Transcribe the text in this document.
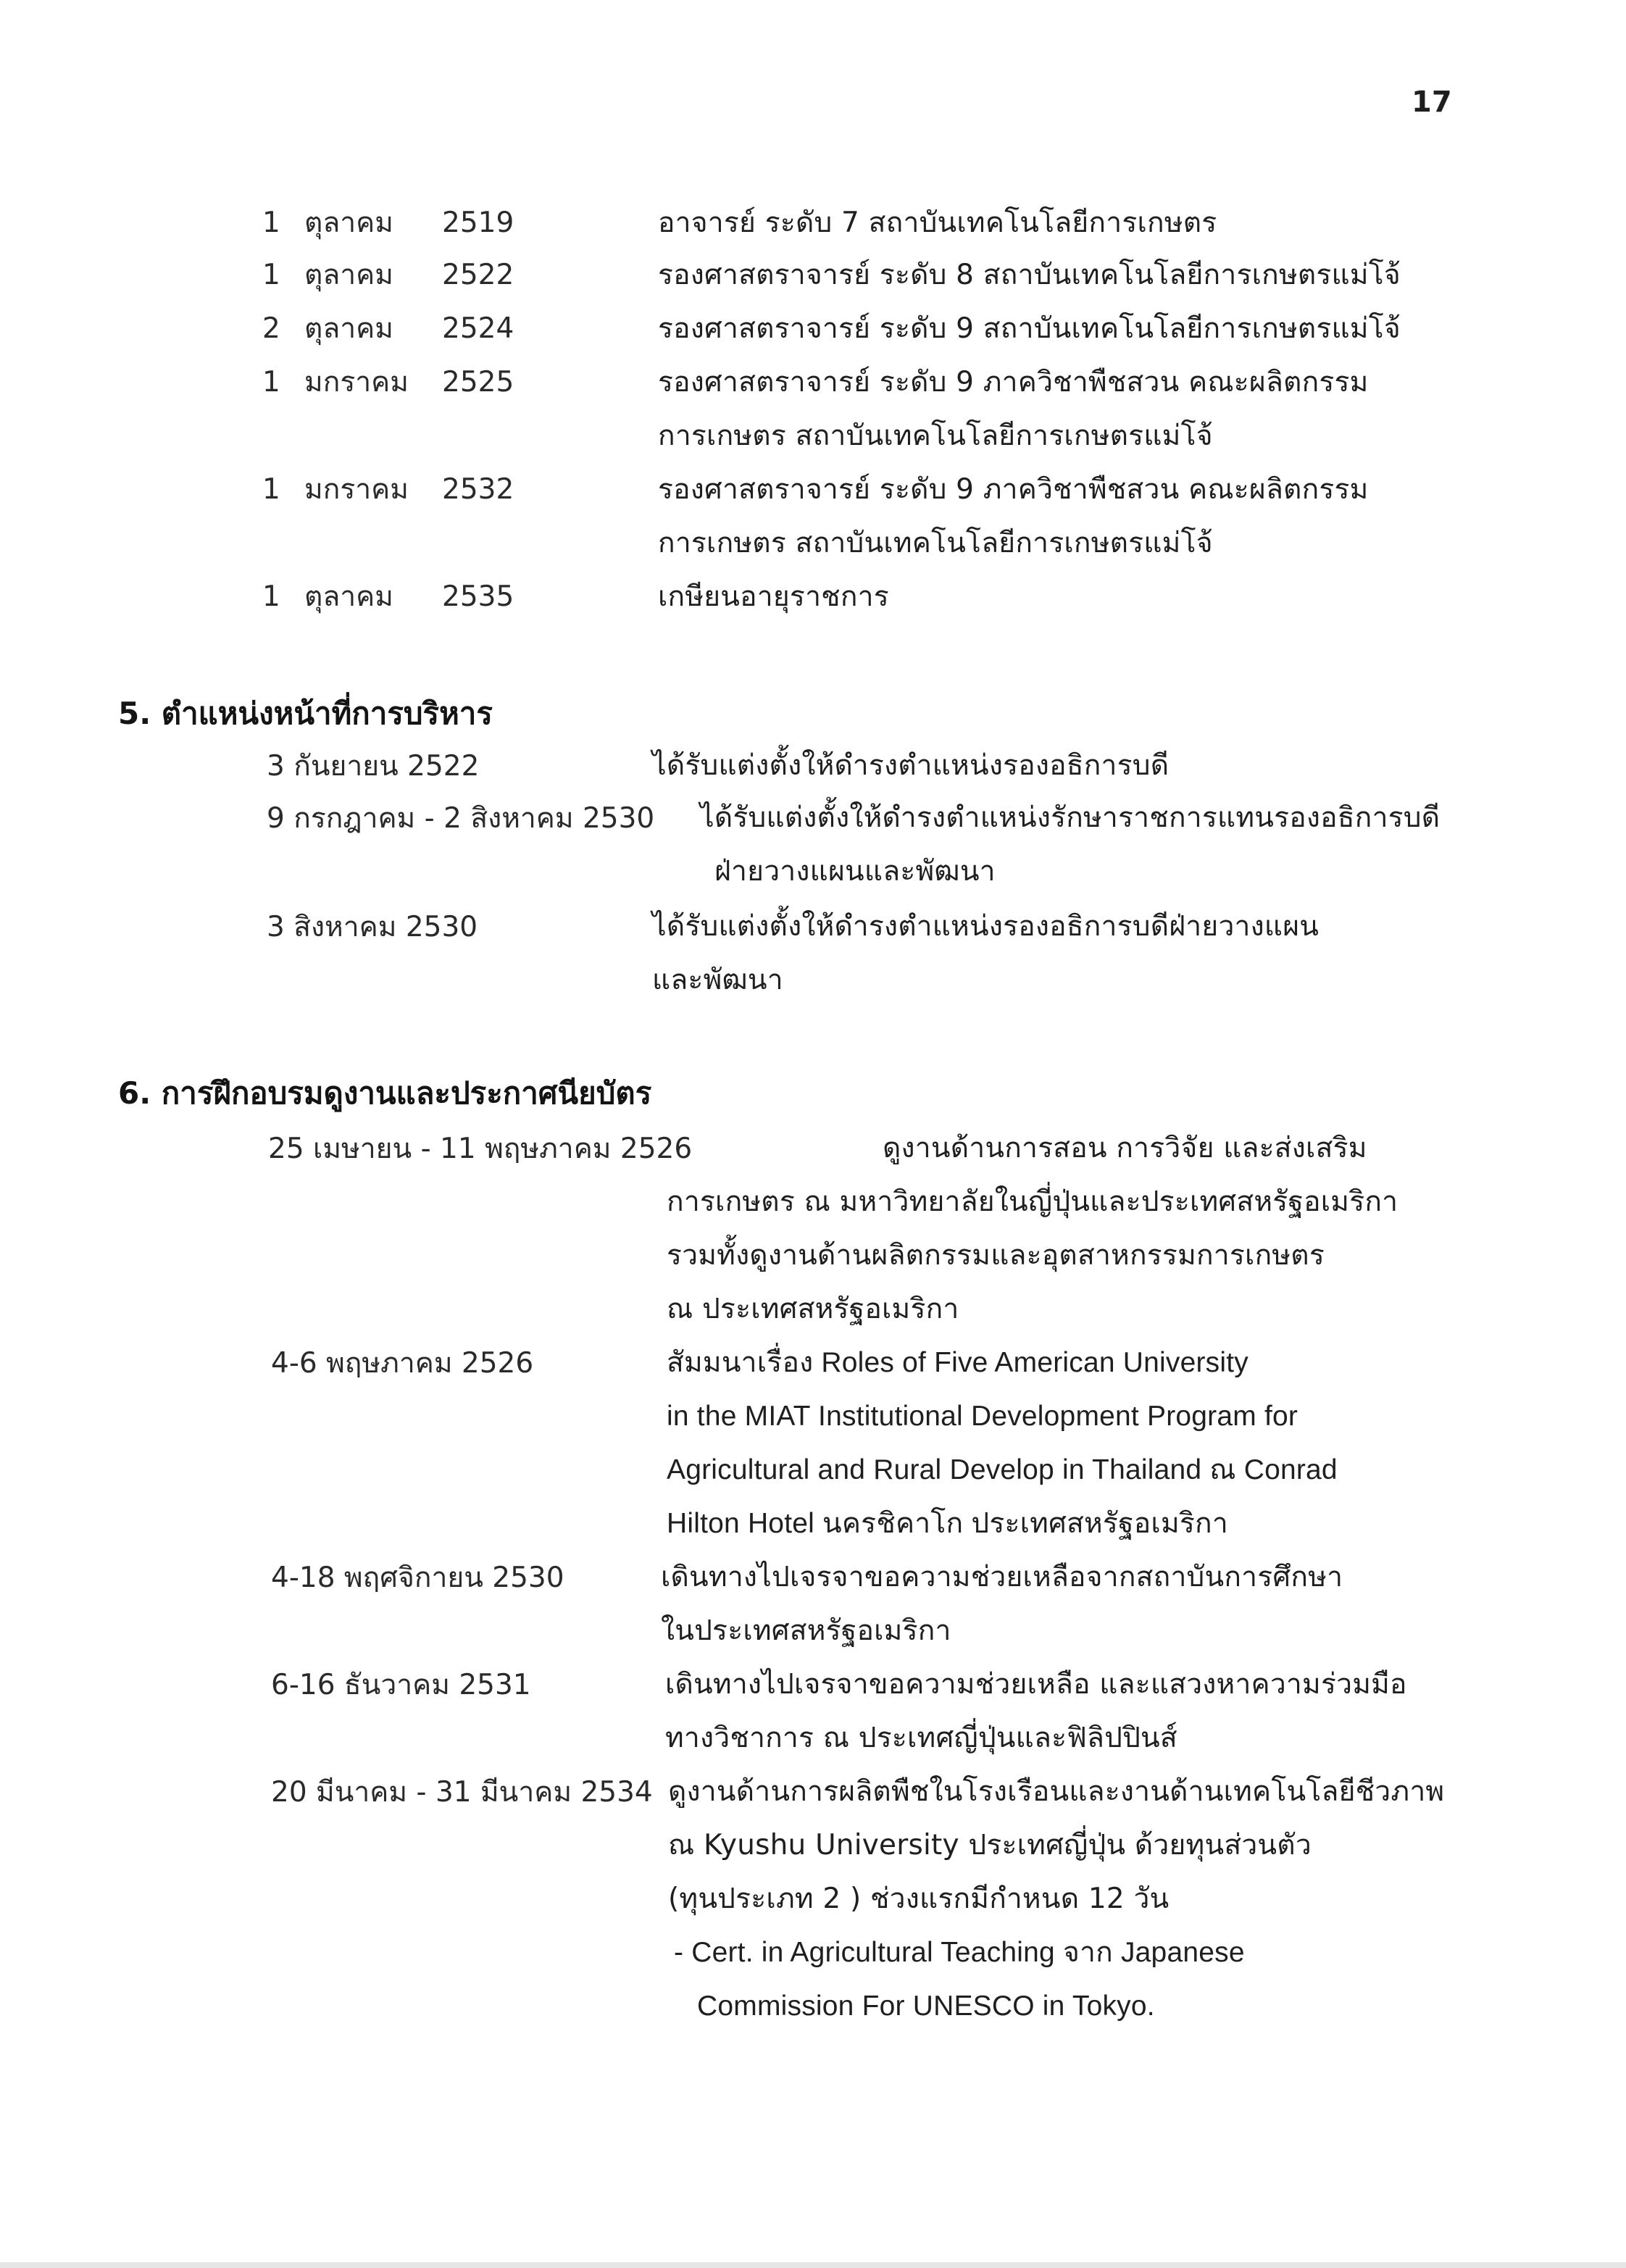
17
1 ตุลาคม 2519	อาจารย์ ระดับ 7 สถาบันเทคโนโลยีการเกษตร
1 ตุลาคม 2522	รองศาสตราจารย์ ระดับ 8 สถาบันเทคโนโลยีการเกษตรแม่โจ้
2 ตุลาคม 2524	รองศาสตราจารย์ ระดับ 9 สถาบันเทคโนโลยีการเกษตรแม่โจ้
1 มกราคม 2525	รองศาสตราจารย์ ระดับ 9 ภาควิชาพืชสวน คณะผลิตกรรม
การเกษตร สถาบันเทคโนโลยีการเกษตรแม่โจ้
1 มกราคม 2532	รองศาสตราจารย์ ระดับ 9 ภาควิชาพืชสวน คณะผลิตกรรม
การเกษตร สถาบันเทคโนโลยีการเกษตรแม่โจ้
1 ตุลาคม 2535	เกษียนอายุราชการ
5. ตำแหน่งหน้าที่การบริหาร
3 กันยายน 2522	ได้รับแต่งตั้งให้ดำรงตำแหน่งรองอธิการบดี
9 กรกฎาคม - 2 สิงหาคม 2530 ได้รับแต่งตั้งให้ดำรงตำแหน่งรักษาราชการแทนรองอธิการบดี
ฝ่ายวางแผนและพัฒนา
3 สิงหาคม 2530	ได้รับแต่งตั้งให้ดำรงตำแหน่งรองอธิการบดีฝ่ายวางแผน
และพัฒนา
6. การฝึกอบรมดูงานและประกาศนียบัตร
25 เมษายน - 11 พฤษภาคม 2526	ดูงานด้านการสอน การวิจัย และส่งเสริม
การเกษตร ณ มหาวิทยาลัยในญี่ปุ่นและประเทศสหรัฐอเมริกา
รวมทั้งดูงานด้านผลิตกรรมและอุตสาหกรรมการเกษตร
ณ ประเทศสหรัฐอเมริกา
4-6 พฤษภาคม 2526	สัมมนาเรื่อง Roles of Five American University
in the MIAT Institutional Development Program for
Agricultural and Rural Develop in Thailand ณ Conrad
Hilton Hotel นครชิคาโก ประเทศสหรัฐอเมริกา
4-18 พฤศจิกายน 2530	เดินทางไปเจรจาขอความช่วยเหลือจากสถาบันการศึกษา
ในประเทศสหรัฐอเมริกา
6-16 ธันวาคม 2531	เดินทางไปเจรจาขอความช่วยเหลือ และแสวงหาความร่วมมือ
ทางวิชาการ ณ ประเทศญี่ปุ่นและฟิลิปปินส์
20 มีนาคม - 31 มีนาคม 2534 ดูงานด้านการผลิตพืชในโรงเรือนและงานด้านเทคโนโลยีชีวภาพ
ณ Kyushu University ประเทศญี่ปุ่น ด้วยทุนส่วนตัว
(ทุนประเภท 2 ) ช่วงแรกมีกำหนด 12 วัน
- Cert. in Agricultural Teaching จาก Japanese
Commission For UNESCO in Tokyo.
